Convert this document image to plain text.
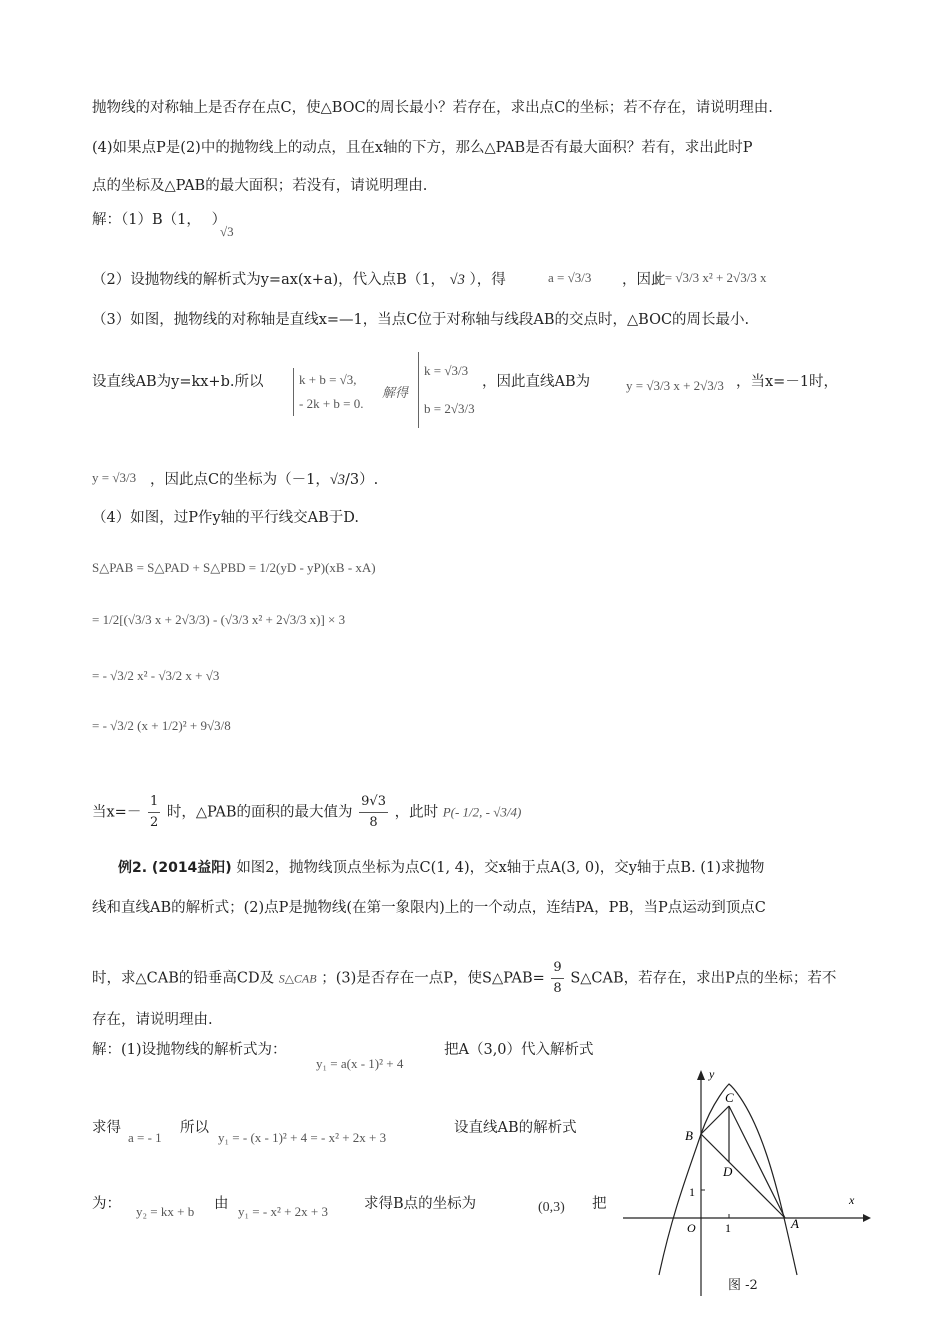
抛物线的对称轴上是否存在点C，使△BOC的周长最小？若存在，求出点C的坐标；若不存在，请说明理由.
(4)如果点P是(2)中的抛物线上的动点，且在x轴的下方，那么△PAB是否有最大面积？若有，求出此时P
点的坐标及△PAB的最大面积；若没有，请说明理由.
解：（1）B（1， ）
√3
（2）设抛物线的解析式为y=ax(x+a)，代入点B（1， √3 ），得	a = √3/3 ，因此
y = √3/3 x² + 2√3/3 x
（3）如图，抛物线的对称轴是直线x=—1，当点C位于对称轴与线段AB的交点时，△BOC的周长最小.
设直线AB为y=kx+b.所以	k + b = √3,
- 2k + b = 0.
解得
k = √3/3
b = 2√3/3
，因此直线AB为	y = √3/3 x + 2√3/3 ，当x=－1时，
y = √3/3 ，因此点C的坐标为（－1，√3/3）.
（4）如图，过P作y轴的平行线交AB于D.
S△PAB = S△PAD + S△PBD = 1/2(yD - yP)(xB - xA)
= 1/2[(√3/3 x + 2√3/3) - (√3/3 x² + 2√3/3 x)] × 3
= - √3/2 x² - √3/2 x + √3
= - √3/2 (x + 1/2)² + 9√3/8
当$x=- \frac{1}{2}$ 时，△PAB的面积的最大值为 $\frac{9√3}{8}$ ，此时 P(- 1/2, - √3/4)
例2. (2014益阳) 如图2，抛物线顶点坐标为点C(1, 4)，交x轴于点A(3, 0)，交y轴于点B. (1)求抛物
线和直线AB的解析式；(2)点P是抛物线(在第一象限内)上的一个动点，连结PA，PB，当P点运动到顶点C
时，求△CAB的铅垂高CD及 S△CAB ；(3)是否存在一点P，使S△PAB= $\frac{9}{8}$ S△CAB，若存在，求出P点的坐标；若不
存在，请说明理由.
解：(1)设抛物线的解析式为：
y₁ = a(x - 1)² + 4
把A（3,0）代入解析式
求得
a = - 1
所以
y₁ = - (x - 1)² + 4 = - x² + 2x + 3
设直线AB的解析式
为： y₂ = kx + b 由 y₁ = - x² + 2x + 3 求得B点的坐标为	(0,3) 把
y
x
C
B
D
1
O 1	A
图 -2
